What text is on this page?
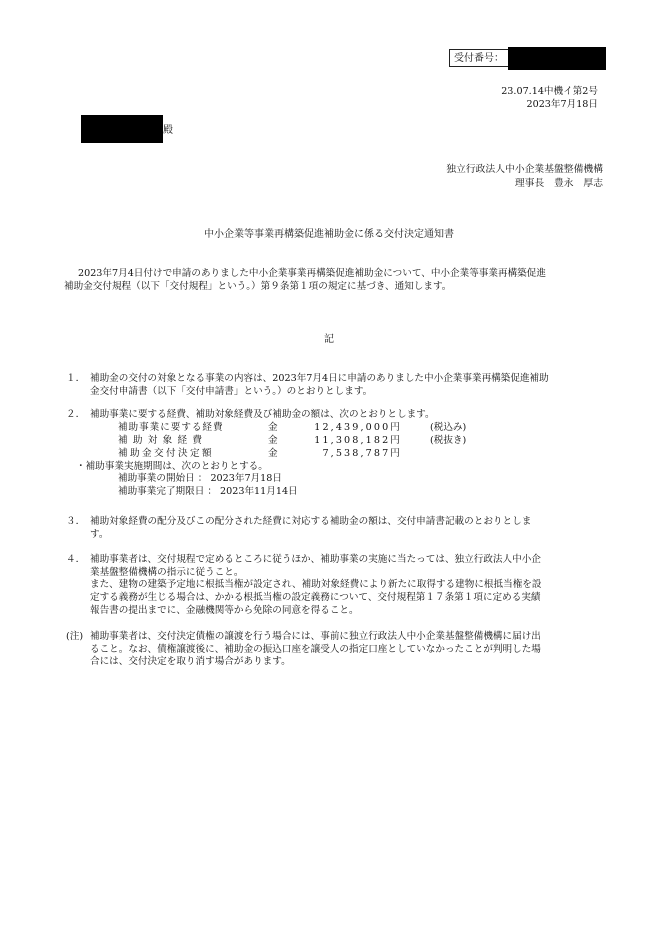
受付番号：
23.07.14中機イ第2号
2023年7月18日
殿
独立行政法人中小企業基盤整備機構
理事長　豊永　厚志
中小企業等事業再構築促進補助金に係る交付決定通知書
2023年7月4日付けで申請のありました中小企業事業再構築促進補助金について、中小企業等事業再構築促進
補助金交付規程（以下「交付規程」という。）第９条第１項の規定に基づき、通知します。
記
１． 補助金の交付の対象となる事業の内容は、2023年7月4日に申請のありました中小企業事業再構築促進補助
金交付申請書（以下「交付申請書」という。）のとおりとします。
２． 補助事業に要する経費、補助対象経費及び補助金の額は、次のとおりとします。
補助事業に要する経費	金	12,439,000円	(税込み)
補助対象経費	金	11,308,182円	(税抜き)
補助金交付決定額	金	7,538,787円
・補助事業実施期間は、次のとおりとする。
補助事業の開始日 ： 2023年7月18日
補助事業完了期限日 ： 2023年11月14日
３． 補助対象経費の配分及びこの配分された経費に対応する補助金の額は、交付申請書記載のとおりとしま
す。
４． 補助事業者は、交付規程で定めるところに従うほか、補助事業の実施に当たっては、独立行政法人中小企
業基盤整備機構の指示に従うこと。
また、建物の建築予定地に根抵当権が設定され、補助対象経費により新たに取得する建物に根抵当権を設
定する義務が生じる場合は、かかる根抵当権の設定義務について、交付規程第１７条第１項に定める実績
報告書の提出までに、金融機関等から免除の同意を得ること。
(注) 補助事業者は、交付決定債権の譲渡を行う場合には、事前に独立行政法人中小企業基盤整備機構に届け出
ること。なお、債権譲渡後に、補助金の振込口座を譲受人の指定口座としていなかったことが判明した場
合には、交付決定を取り消す場合があります。
